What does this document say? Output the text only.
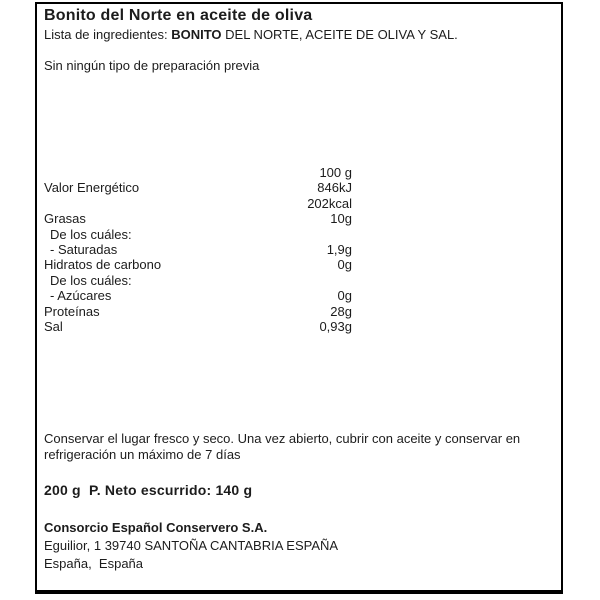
Bonito del Norte en aceite de oliva
Lista de ingredientes: BONITO DEL NORTE, ACEITE DE OLIVA Y SAL.
Sin ningún tipo de preparación previa
100 g
Valor Energético	846kJ
202kcal
Grasas	10g
De los cuáles:
- Saturadas	1,9g
Hidratos de carbono	0g
De los cuáles:
- Azúcares	0g
Proteínas	28g
Sal	0,93g
Conservar el lugar fresco y seco. Una vez abierto, cubrir con aceite y conservar en refrigeración un máximo de 7 días
200 g  P. Neto escurrido: 140 g
Consorcio Español Conservero S.A.
Eguilior, 1 39740 SANTOÑA CANTABRIA ESPAÑA
España,  España
